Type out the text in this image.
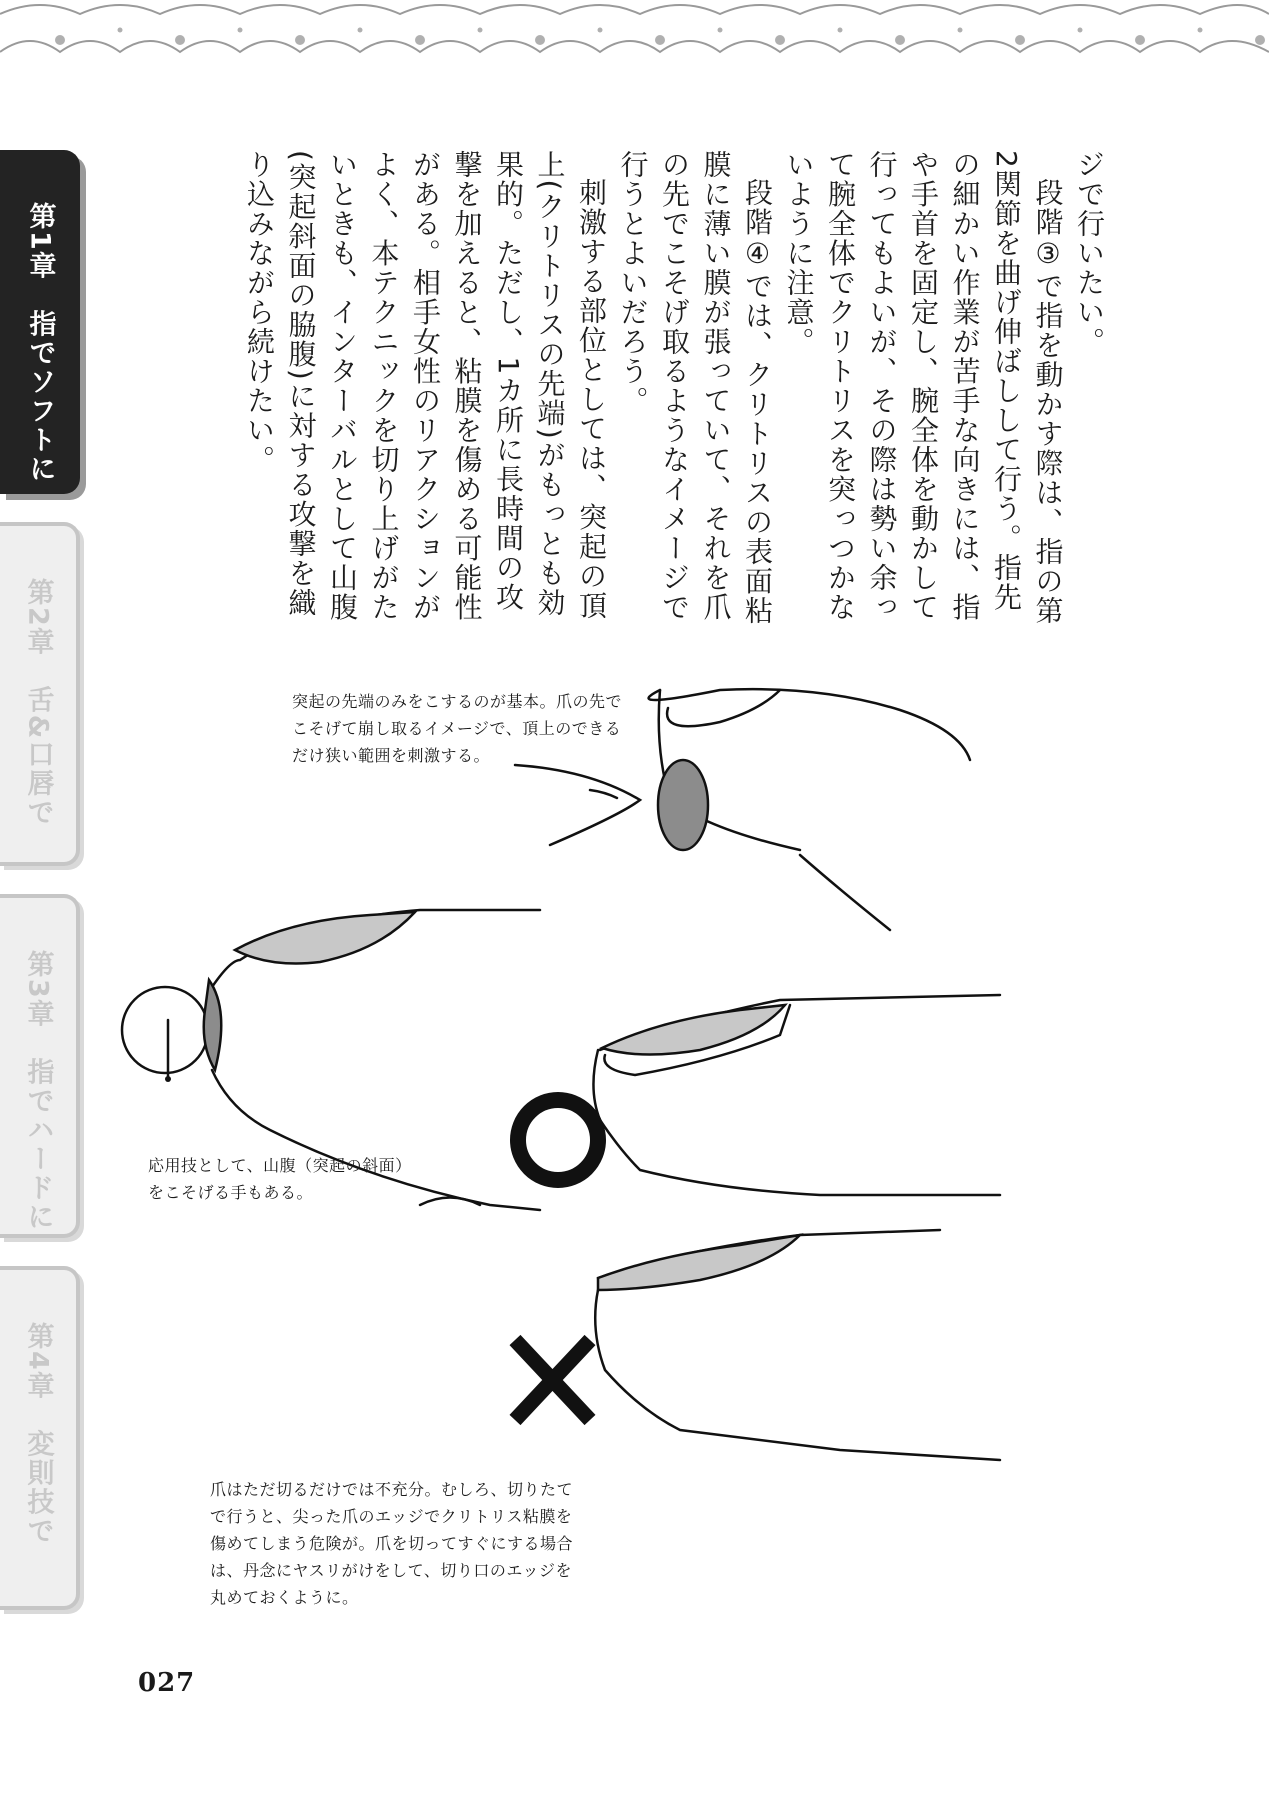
第1章　指でソフトに
第2章　舌&口唇で
第3章　指でハードに
第4章　変則技で

ジで行いたい。

段階③で指を動かす際は、指の第2関節を曲げ伸ばしして行う。指先の細かい作業が苦手な向きには、指や手首を固定し、腕全体を動かして行ってもよいが、その際は勢い余って腕全体でクリトリスを突っつかないように注意。

段階④では、クリトリスの表面粘膜に薄い膜が張っていて、それを爪の先でこそげ取るようなイメージで行うとよいだろう。

刺激する部位としては、突起の頂上(クリトリスの先端)がもっとも効果的。ただし、1カ所に長時間の攻撃を加えると、粘膜を傷める可能性がある。相手女性のリアクションがよく、本テクニックを切り上げがたいときも、インターバルとして山腹(突起斜面の脇腹)に対する攻撃を織り込みながら続けたい。

突起の先端のみをこするのが基本。爪の先でこそげて崩し取るイメージで、頂上のできるだけ狭い範囲を刺激する。
応用技として、山腹（突起の斜面）をこそげる手もある。
爪はただ切るだけでは不充分。むしろ、切りたてで行うと、尖った爪のエッジでクリトリス粘膜を傷めてしまう危険が。爪を切ってすぐにする場合は、丹念にヤスリがけをして、切り口のエッジを丸めておくように。
027
